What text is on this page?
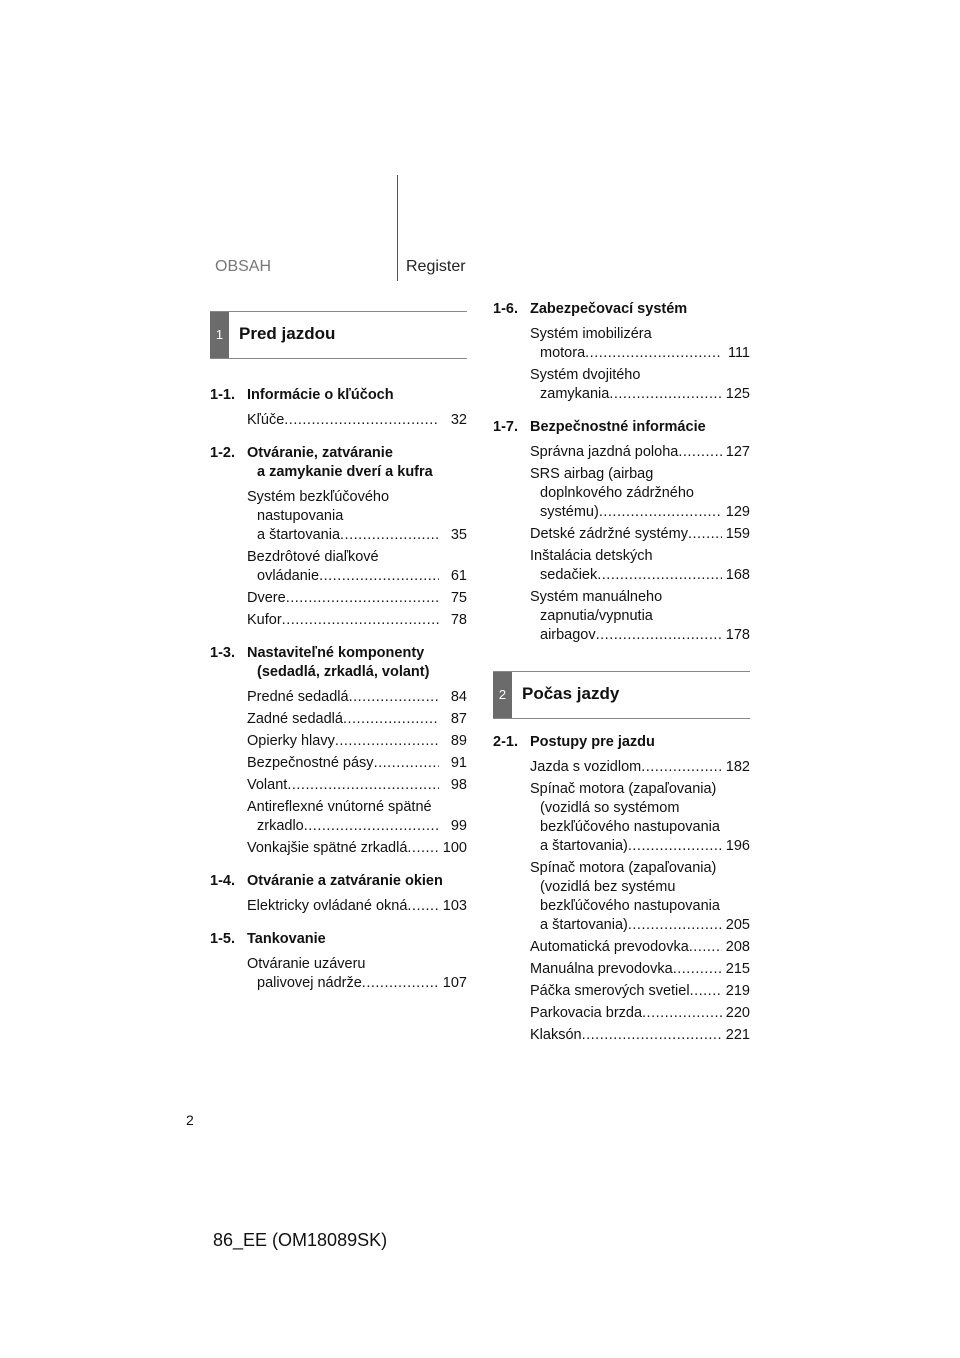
OBSAH	Register
1 Pred jazdou
1-1. Informácie o kľúčoch
Kľúče .....	32
1-2. Otváranie, zatváranie

a zamykanie dverí a kufra
Systém bezkľúčového
nastupovania
a štartovania .....	35
Bezdrôtové diaľkové
ovládanie .....	61
Dvere .....	75
Kufor .....	78
1-3. Nastaviteľné komponenty

(sedadlá, zrkadlá, volant)
Predné sedadlá .....	84
Zadné sedadlá .....	87
Opierky hlavy .....	89
Bezpečnostné pásy .....	91
Volant .....	98
Antireflexné vnútorné spätné
zrkadlo .....	99
Vonkajšie spätné zrkadlá ..... 100
1-4. Otváranie a zatváranie okien
Elektricky ovládané okná ..... 103
1-5. Tankovanie
Otváranie uzáveru
palivovej nádrže .....	107
1-6. Zabezpečovací systém
Systém imobilizéra
motora .....	111
Systém dvojitého
zamykania .....	125
1-7. Bezpečnostné informácie
Správna jazdná poloha .....	127
SRS airbag (airbag
doplnkového zádržného
systému) .....	129
Detské zádržné systémy .....	159
Inštalácia detských
sedačiek .....	168
Systém manuálneho
zapnutia/vypnutia
airbagov .....	178
2 Počas jazdy
2-1. Postupy pre jazdu
Jazda s vozidlom .....	182
Spínač motora (zapaľovania)
(vozidlá so systémom
bezkľúčového nastupovania
a štartovania) .....	196
Spínač motora (zapaľovania)
(vozidlá bez systému
bezkľúčového nastupovania
a štartovania) .....	205
Automatická prevodovka .....	208
Manuálna prevodovka .....	215
Páčka smerových svetiel ..... 219
Parkovacia brzda .....	220
Klaksón .....	221
2
86_EE (OM18089SK)
